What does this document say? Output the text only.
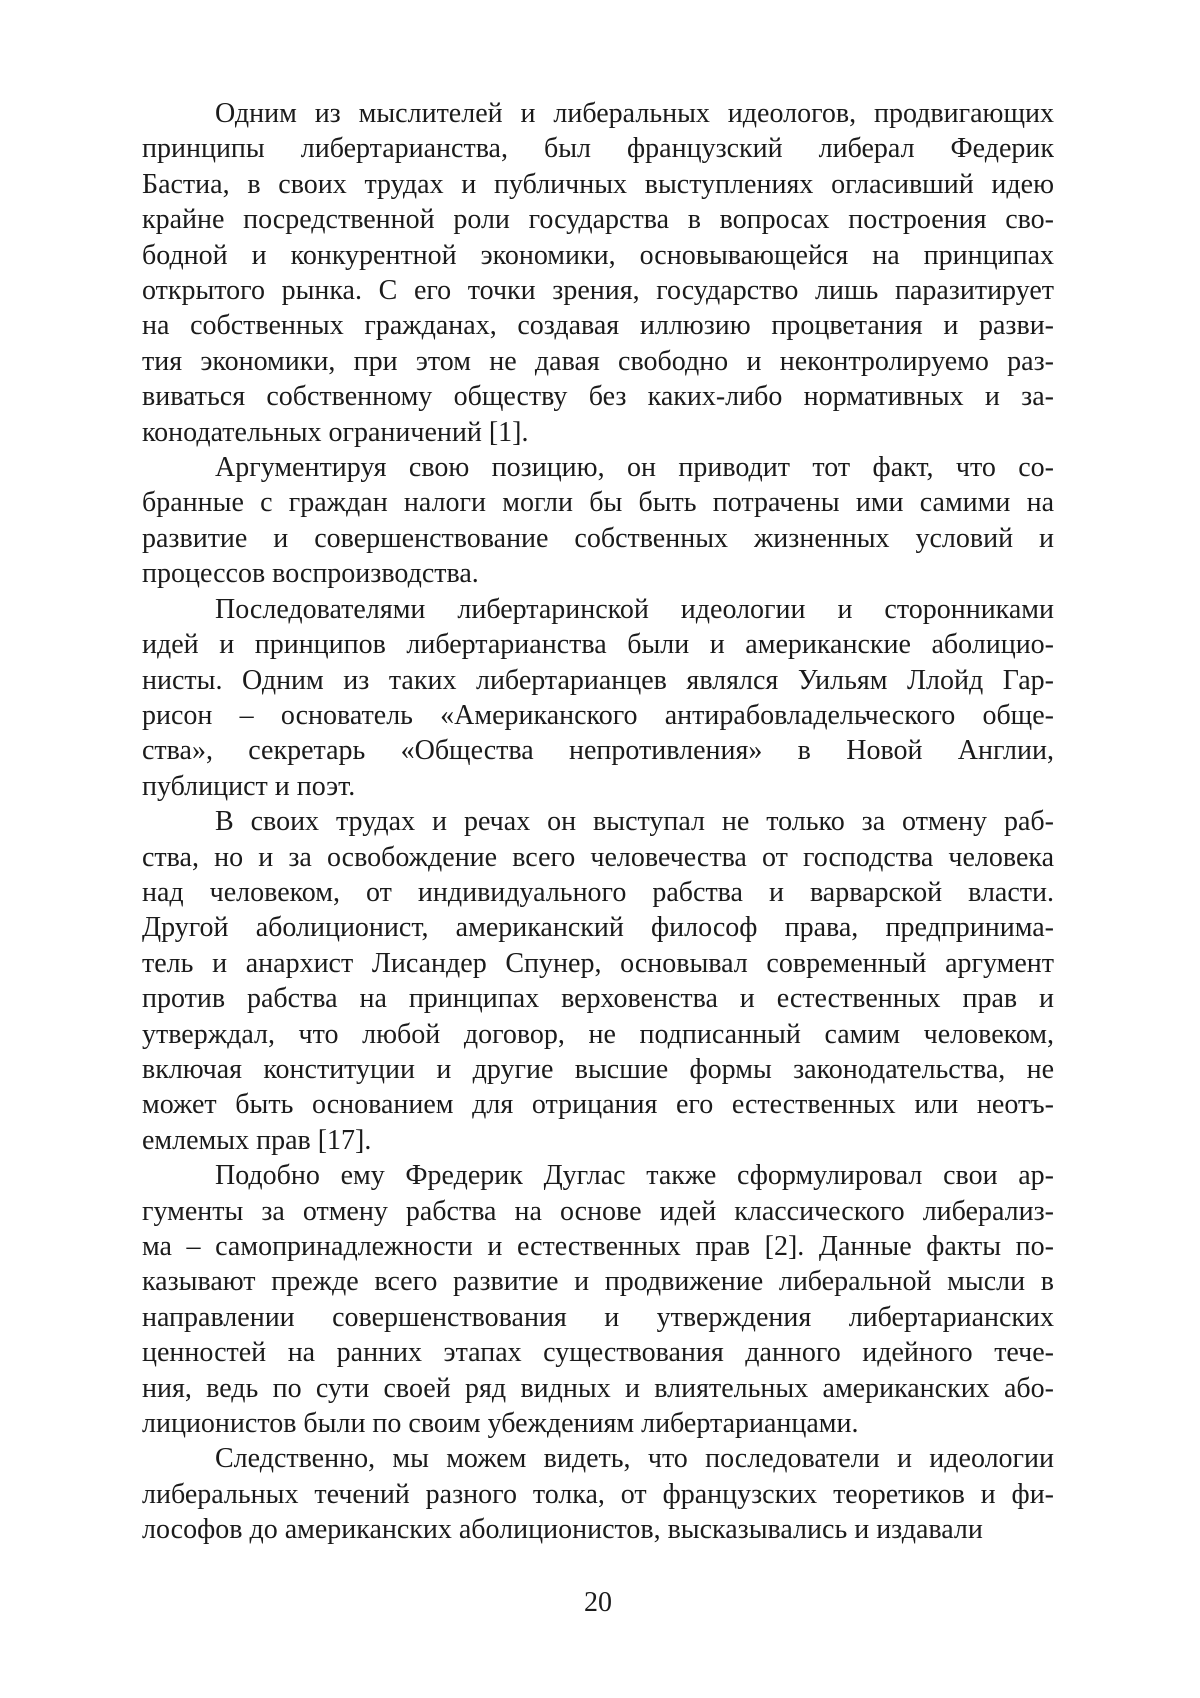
Одним из мыслителей и либеральных идеологов, продвигающих
принципы либертарианства, был французский либерал Федерик
Бастиа, в своих трудах и публичных выступлениях огласивший идею
крайне посредственной роли государства в вопросах построения сво-
бодной и конкурентной экономики, основывающейся на принципах
открытого рынка. С его точки зрения, государство лишь паразитирует
на собственных гражданах, создавая иллюзию процветания и разви-
тия экономики, при этом не давая свободно и неконтролируемо раз-
виваться собственному обществу без каких-либо нормативных и за-
конодательных ограничений [1].
Аргументируя свою позицию, он приводит тот факт, что со-
бранные с граждан налоги могли бы быть потрачены ими самими на
развитие и совершенствование собственных жизненных условий и
процессов воспроизводства.
Последователями либертаринской идеологии и сторонниками
идей и принципов либертарианства были и американские аболицио-
нисты. Одним из таких либертарианцев являлся Уильям Ллойд Гар-
рисон – основатель «Американского антирабовладельческого обще-
ства», секретарь «Общества непротивления» в Новой Англии,
публицист и поэт.
В своих трудах и речах он выступал не только за отмену раб-
ства, но и за освобождение всего человечества от господства человека
над человеком, от индивидуального рабства и варварской власти.
Другой аболиционист, американский философ права, предпринима-
тель и анархист Лисандер Спунер, основывал современный аргумент
против рабства на принципах верховенства и естественных прав и
утверждал, что любой договор, не подписанный самим человеком,
включая конституции и другие высшие формы законодательства, не
может быть основанием для отрицания его естественных или неотъ-
емлемых прав [17].
Подобно ему Фредерик Дуглас также сформулировал свои ар-
гументы за отмену рабства на основе идей классического либерализ-
ма – самопринадлежности и естественных прав [2]. Данные факты по-
казывают прежде всего развитие и продвижение либеральной мысли в
направлении совершенствования и утверждения либертарианских
ценностей на ранних этапах существования данного идейного тече-
ния, ведь по сути своей ряд видных и влиятельных американских або-
лиционистов были по своим убеждениям либертарианцами.
Следственно, мы можем видеть, что последователи и идеологии
либеральных течений разного толка, от французских теоретиков и фи-
лософов до американских аболиционистов, высказывались и издавали
20
